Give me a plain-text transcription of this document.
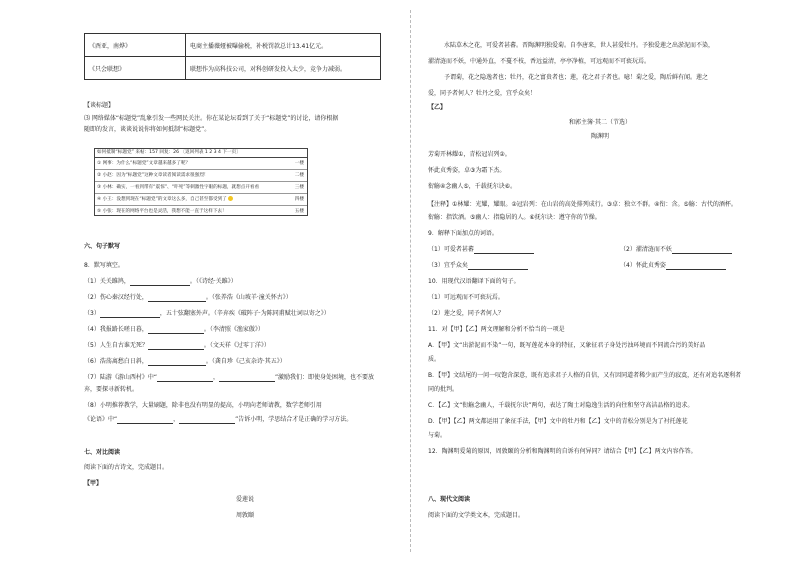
《酉亚，南烨》	电商主播薇娅被曝偷税，补税罚款总计13.41亿元。
《只会联想》	联想作为高科技公司，对科创研发投入太少，竞争力减弱。
【谈标题】
⑶ 网络媒体“标题党”乱象引发一些网民关注。你在某论坛看到了关于“标题党”的讨论，请你根据
随即的发言，谈谈说说你将如何抵制“标题党”。
如何抵制“标题党” 来帖：157 回复：26 〔返回列表 1 2 3 4 下一页〕
① 网事：为什么“标题党”文章越来越多了呢？	一楼
② 小赵：因为“标题党”这种文章读者阅读需求很强烈！	二楼
③ 小林：确实，一看到带有“震惊”、“吓死”等刺激性字眼的标题，就想点开看看	三楼
④ 小王：没想到现在“标题党”的文章这么多，自己甚至都受到了	四楼
⑤ 小张：现在的网络平台也是灵活，我想不能一直于这样下去！	五楼
六、句子默写
8．默写填空。
（1）关关雎鸠，	。（《诗经·关雎》）
（2）伤心秦汉经行处，	。（张养浩《山坡羊·潼关怀古》）
（3）	，五十弦翻塞外声。（辛弃疾《破阵子·为陈同甫赋壮词以寄之》）
（4）我报路长嗟日暮，	。（李清照《渔家傲》）
（5）人生自古谁无死？	。（文天祥《过零丁洋》）
（6）浩荡离愁白日斜，	。（龚自珍《己亥杂诗·其五》）
（7）陆游《游山西村》中“	，	”激励我们：即使身处困境，也不要放
弃，要探寻新转机。
（8）小明推荐教学，大量刷题，除非也没有明显的提高，小明向老师请教，数学老师引用
《论语》中“	，	”告诉小明，学思结合才是正确的学习方法。
七、对比阅读
阅读下面的古诗文，完成题目。
【甲】
爱莲说
周敦颐
水陆草木之花，可爱者甚蕃。晋陶渊明独爱菊。自李唐来，世人甚爱牡丹。予独爱莲之出淤泥而不染，
濯清涟而不妖，中通外直，不蔓不枝，香远益清，亭亭净植，可远观而不可亵玩焉。
予谓菊，花之隐逸者也；牡丹，花之富贵者也；莲，花之君子者也。噫！菊之爱，陶后鲜有闻。莲之
爱，同予者何人？牡丹之爱，宜乎众矣！
【乙】
和郭主簿·其二（节选）
陶渊明
芳菊开林耀①，青松冠岩列②。
怀此贞秀姿，卓③为霜下杰。
衔觞④念幽人⑤，千载抚尔诀⑥。
【注释】①林耀：光耀，耀眼。②冠岩列：在山岩的高处排列成行。③卓：独立不群。④衔：含。⑤觞：古代的酒杯。
衔觞：指饮酒。⑤幽人：指隐居的人。⑥抚尔诀：遵守你的节操。
9．解释下面加点的词语。
（1）可爱者甚蕃	（2）濯清涟而不妖
（3）宜乎众矣	（4）怀此贞秀姿
10．用现代汉语翻译下面的句子。
（1）可远观而不可亵玩焉。
（2）莲之爱，同予者何人？
11．对【甲】【乙】两文理解和分析不恰当的一项是
A．【甲】文“出淤泥而不染”一句，既写莲花本身的特征，又象征君子身处污浊环境而不同流合污的美好品
质。
B．【甲】文结尾的一问一叹饱含深意，既有追求君子人格的自信，又有因同道者稀少而产生的寂寞，还有对追名逐利者
同的批判。
C．【乙】文“衔觞念幽人，千载抚尔诀”两句，表达了陶士对隐逸生活的向往和坚守高洁品格的追求。
D．【甲】【乙】两文都运用了象征手法，【甲】文中的牡丹和【乙】文中的青松分别是为了衬托莲花
与菊。
12．陶渊明爱菊的原因，周敦颐的分析和陶渊明的自诉有何异同？请结合【甲】【乙】两文内容作答。
八、现代文阅读
阅读下面的文学类文本，完成题目。
